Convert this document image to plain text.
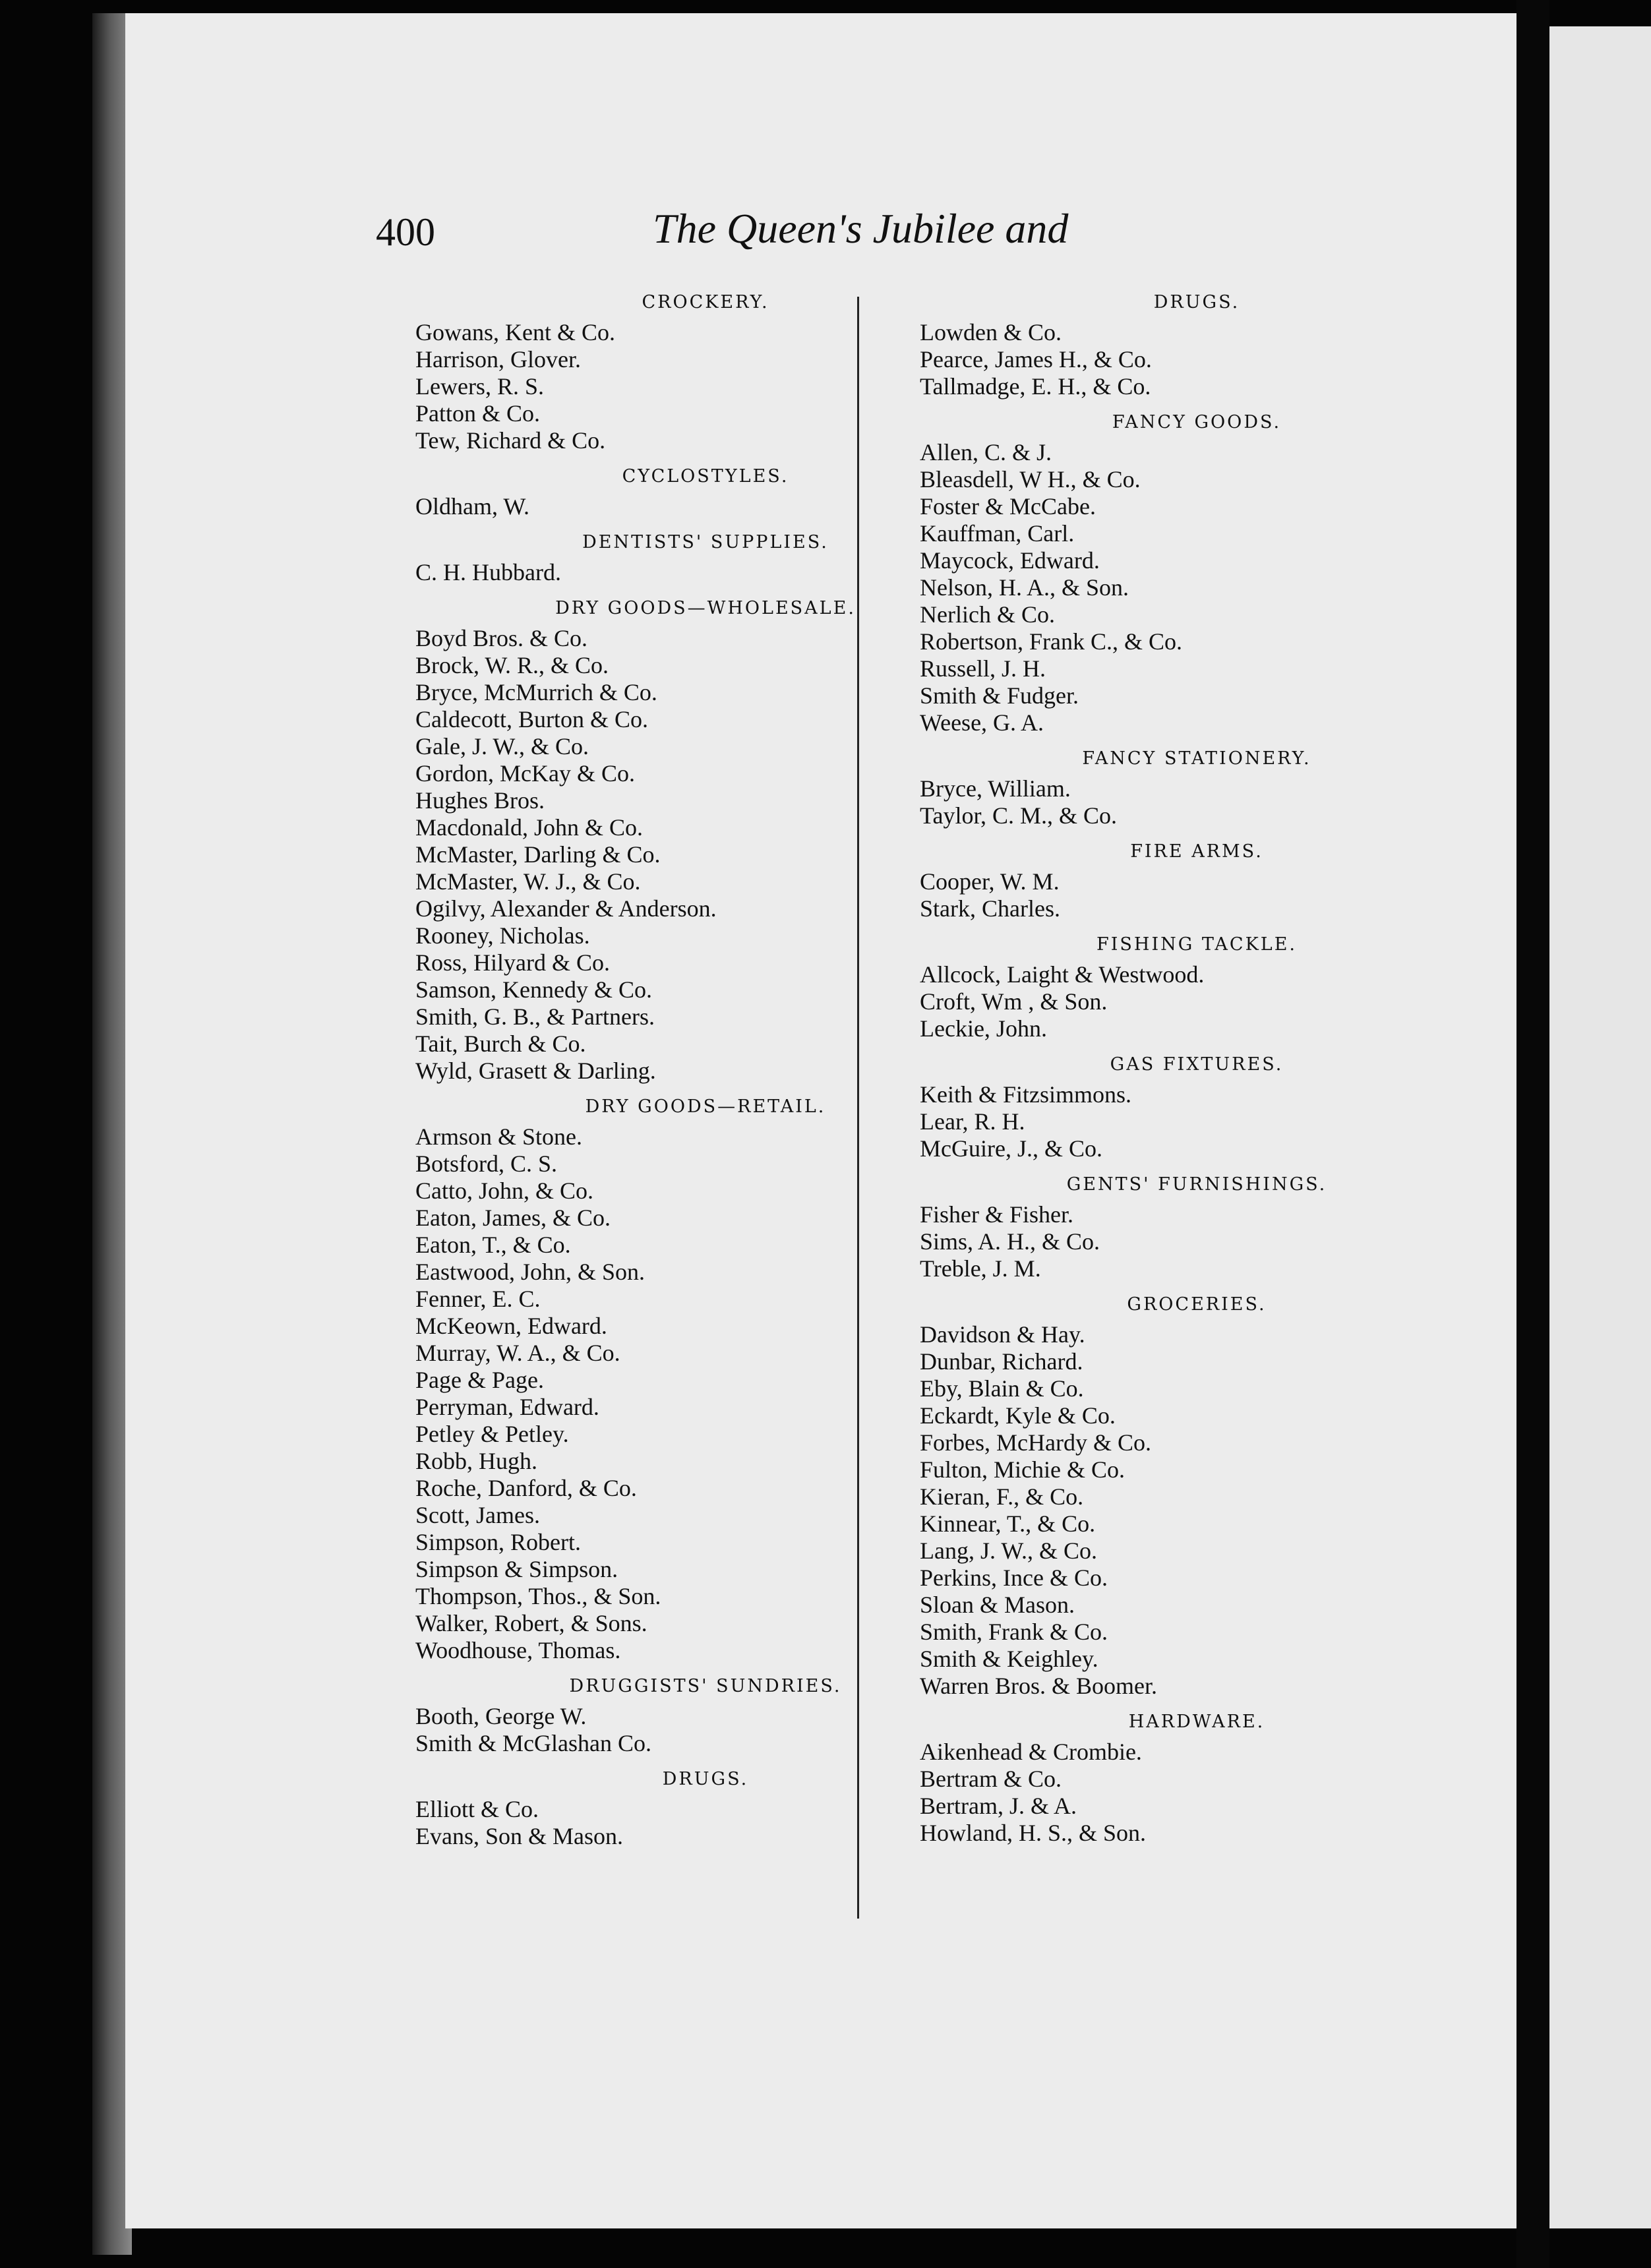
400	The Queen's Jubilee and

CROCKERY.
Gowans, Kent & Co.
Harrison, Glover.
Lewers, R. S.
Patton & Co.
Tew, Richard & Co.
CYCLOSTYLES.
Oldham, W.
DENTISTS' SUPPLIES.
C. H. Hubbard.
DRY GOODS—WHOLESALE.
Boyd Bros. & Co.
Brock, W. R., & Co.
Bryce, McMurrich & Co.
Caldecott, Burton & Co.
Gale, J. W., & Co.
Gordon, McKay & Co.
Hughes Bros.
Macdonald, John & Co.
McMaster, Darling & Co.
McMaster, W. J., & Co.
Ogilvy, Alexander & Anderson.
Rooney, Nicholas.
Ross, Hilyard & Co.
Samson, Kennedy & Co.
Smith, G. B., & Partners.
Tait, Burch & Co.
Wyld, Grasett & Darling.
DRY GOODS—RETAIL.
Armson & Stone.
Botsford, C. S.
Catto, John, & Co.
Eaton, James, & Co.
Eaton, T., & Co.
Eastwood, John, & Son.
Fenner, E. C.
McKeown, Edward.
Murray, W. A., & Co.
Page & Page.
Perryman, Edward.
Petley & Petley.
Robb, Hugh.
Roche, Danford, & Co.
Scott, James.
Simpson, Robert.
Simpson & Simpson.
Thompson, Thos., & Son.
Walker, Robert, & Sons.
Woodhouse, Thomas.
DRUGGISTS' SUNDRIES.
Booth, George W.
Smith & McGlashan Co.
DRUGS.
Elliott & Co.
Evans, Son & Mason.
DRUGS.
Lowden & Co.
Pearce, James H., & Co.
Tallmadge, E. H., & Co.
FANCY GOODS.
Allen, C. & J.
Bleasdell, W H., & Co.
Foster & McCabe.
Kauffman, Carl.
Maycock, Edward.
Nelson, H. A., & Son.
Nerlich & Co.
Robertson, Frank C., & Co.
Russell, J. H.
Smith & Fudger.
Weese, G. A.
FANCY STATIONERY.
Bryce, William.
Taylor, C. M., & Co.
FIRE ARMS.
Cooper, W. M.
Stark, Charles.
FISHING TACKLE.
Allcock, Laight & Westwood.
Croft, Wm , & Son.
Leckie, John.
GAS FIXTURES.
Keith & Fitzsimmons.
Lear, R. H.
McGuire, J., & Co.
GENTS' FURNISHINGS.
Fisher & Fisher.
Sims, A. H., & Co.
Treble, J. M.
GROCERIES.
Davidson & Hay.
Dunbar, Richard.
Eby, Blain & Co.
Eckardt, Kyle & Co.
Forbes, McHardy & Co.
Fulton, Michie & Co.
Kieran, F., & Co.
Kinnear, T., & Co.
Lang, J. W., & Co.
Perkins, Ince & Co.
Sloan & Mason.
Smith, Frank & Co.
Smith & Keighley.
Warren Bros. & Boomer.
HARDWARE.
Aikenhead & Crombie.
Bertram & Co.
Bertram, J. & A.
Howland, H. S., & Son.
